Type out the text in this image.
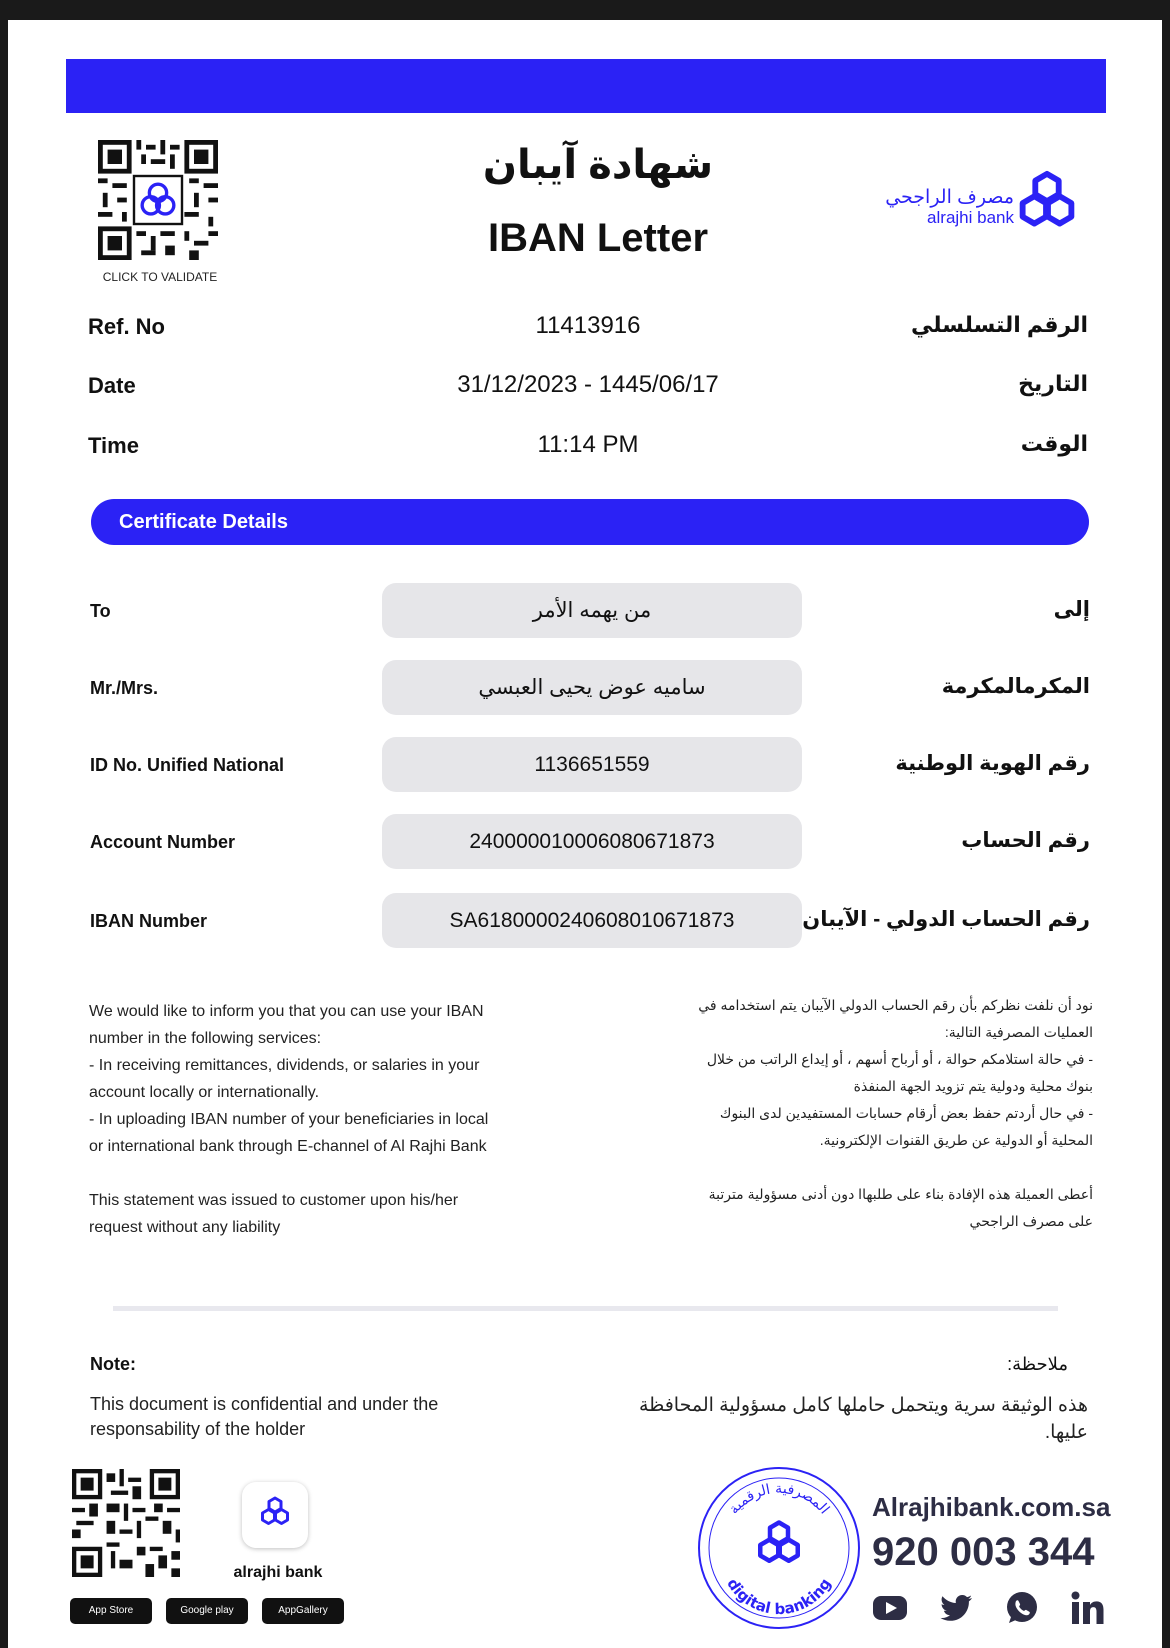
CLICK TO VALIDATE
شهادة آيبان
IBAN Letter
مصرف الراجحي
alrajhi bank
Ref. No	11413916	الرقم التسلسلي
Date	31/12/2023 - 1445/06/17	التاريخ
Time	11:14 PM	الوقت
Certificate Details
To	من يهمه الأمر	إلى
Mr./Mrs.	ساميه عوض يحيى العبسي	المكرمالمكرمة
ID No. Unified National	1136651559	رقم الهوية الوطنية
Account Number	240000010006080671873	رقم الحساب
IBAN Number	SA6180000240608010671873	رقم الحساب الدولي - الآيبان
We would like to inform you that you can use your IBAN
number in the following services:
- In receiving remittances, dividends, or salaries in your
account locally or internationally.
- In uploading IBAN number of your beneficiaries in local
or international bank through E-channel of Al Rajhi Bank
This statement was issued to customer upon his/her
request without any liability
نود أن نلفت نظركم بأن رقم الحساب الدولي الآيبان يتم استخدامه في
العمليات المصرفية التالية:
- في حالة استلامكم حوالة ، أو أرباح أسهم ، أو إيداع الراتب من خلال
بنوك محلية ودولية يتم تزويد الجهة المنفذة
- في حال أردتم حفظ بعض أرقام حسابات المستفيدين لدى البنوك
المحلية أو الدولية عن طريق القنوات الإلكترونية.
أعطى العميلة هذه الإفادة بناء على طلبهاا دون أدنى مسؤولية مترتبة
على مصرف الراجحي
Note:	ملاحظة:
This document is confidential and under the responsability of the holder
هذه الوثيقة سرية ويتحمل حاملها كامل مسؤولية المحافظة عليها.
alrajhi bank
App Store	Google play	AppGallery
المصرفية الرقمية
digital banking
Alrajhibank.com.sa
920 003 344
